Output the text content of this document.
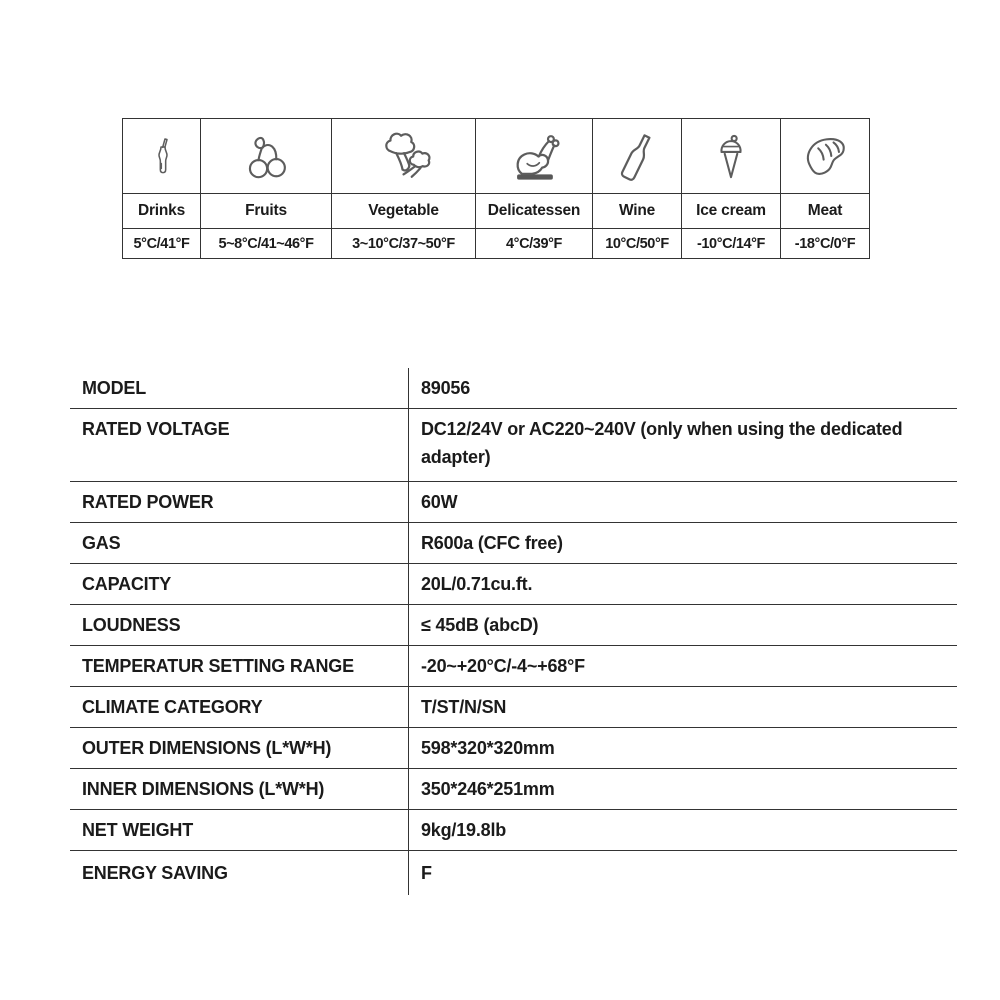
Drinks	Fruits	Vegetable	Delicatessen	Wine	Ice cream	Meat
5°C/41°F	5~8°C/41~46°F	3~10°C/37~50°F	4°C/39°F	10°C/50°F	-10°C/14°F	-18°C/0°F
MODEL	89056
RATED VOLTAGE	DC12/24V or AC220~240V (only when using the dedicated adapter)
RATED POWER	60W
GAS	R600a (CFC free)
CAPACITY	20L/0.71cu.ft.
LOUDNESS	≤ 45dB (abcD)
TEMPERATUR SETTING RANGE	-20~+20°C/-4~+68°F
CLIMATE CATEGORY	T/ST/N/SN
OUTER DIMENSIONS (L*W*H)	598*320*320mm
INNER DIMENSIONS (L*W*H)	350*246*251mm
NET WEIGHT	9kg/19.8lb
ENERGY SAVING	F
